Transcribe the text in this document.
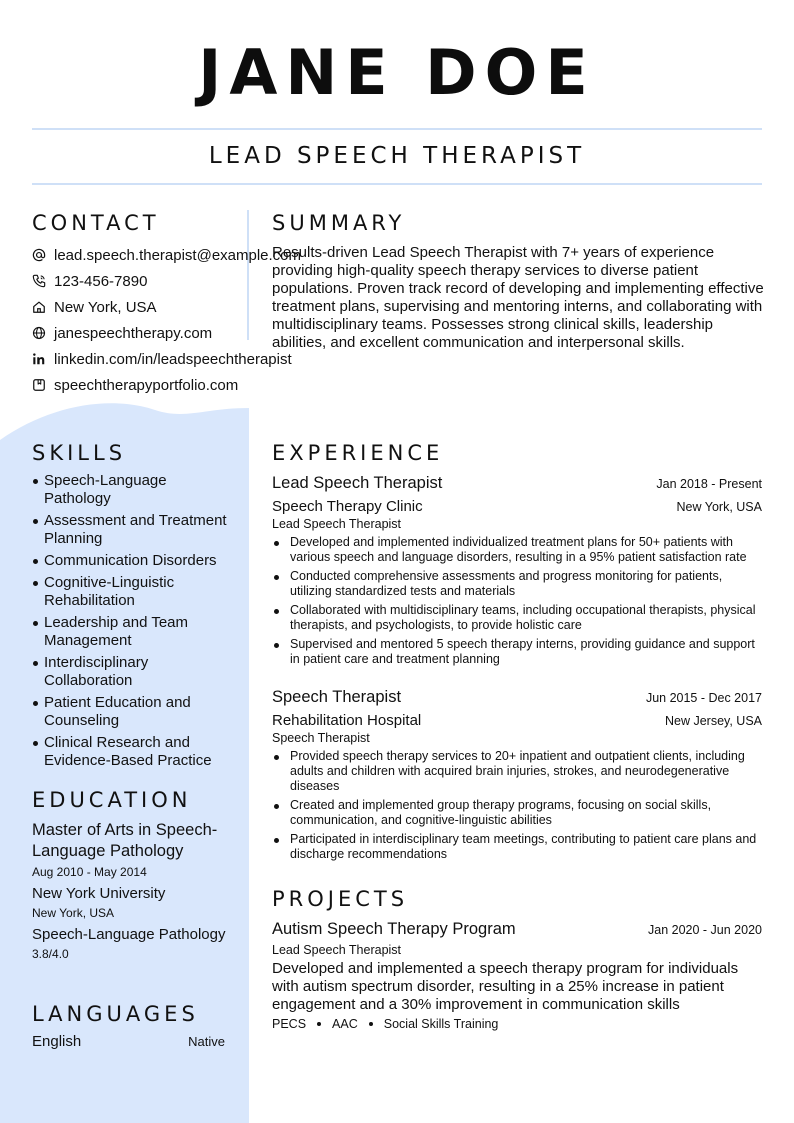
JANE DOE
LEAD SPEECH THERAPIST
CONTACT
lead.speech.therapist@example.com
123-456-7890
New York, USA
janespeechtherapy.com
linkedin.com/in/leadspeechtherapist
speechtherapyportfolio.com
SUMMARY
Results-driven Lead Speech Therapist with 7+ years of experience providing high-quality speech therapy services to diverse patient populations. Proven track record of developing and implementing effective treatment plans, supervising and mentoring interns, and collaborating with multidisciplinary teams. Possesses strong clinical skills, leadership abilities, and excellent communication and interpersonal skills.
SKILLS
Speech-Language Pathology
Assessment and Treatment Planning
Communication Disorders
Cognitive-Linguistic Rehabilitation
Leadership and Team Management
Interdisciplinary Collaboration
Patient Education and Counseling
Clinical Research and Evidence-Based Practice
EDUCATION
Master of Arts in Speech-Language Pathology
Aug 2010 - May 2014
New York University
New York, USA
Speech-Language Pathology
3.8/4.0
LANGUAGES
English	Native
EXPERIENCE
Lead Speech Therapist	Jan 2018 - Present
Speech Therapy Clinic	New York, USA
Lead Speech Therapist
Developed and implemented individualized treatment plans for 50+ patients with various speech and language disorders, resulting in a 95% patient satisfaction rate
Conducted comprehensive assessments and progress monitoring for patients, utilizing standardized tests and materials
Collaborated with multidisciplinary teams, including occupational therapists, physical therapists, and psychologists, to provide holistic care
Supervised and mentored 5 speech therapy interns, providing guidance and support in patient care and treatment planning
Speech Therapist	Jun 2015 - Dec 2017
Rehabilitation Hospital	New Jersey, USA
Speech Therapist
Provided speech therapy services to 20+ inpatient and outpatient clients, including adults and children with acquired brain injuries, strokes, and neurodegenerative diseases
Created and implemented group therapy programs, focusing on social skills, communication, and cognitive-linguistic abilities
Participated in interdisciplinary team meetings, contributing to patient care plans and discharge recommendations
PROJECTS
Autism Speech Therapy Program	Jan 2020 - Jun 2020
Lead Speech Therapist
Developed and implemented a speech therapy program for individuals with autism spectrum disorder, resulting in a 25% increase in patient engagement and a 30% improvement in communication skills
PECS AAC Social Skills Training
